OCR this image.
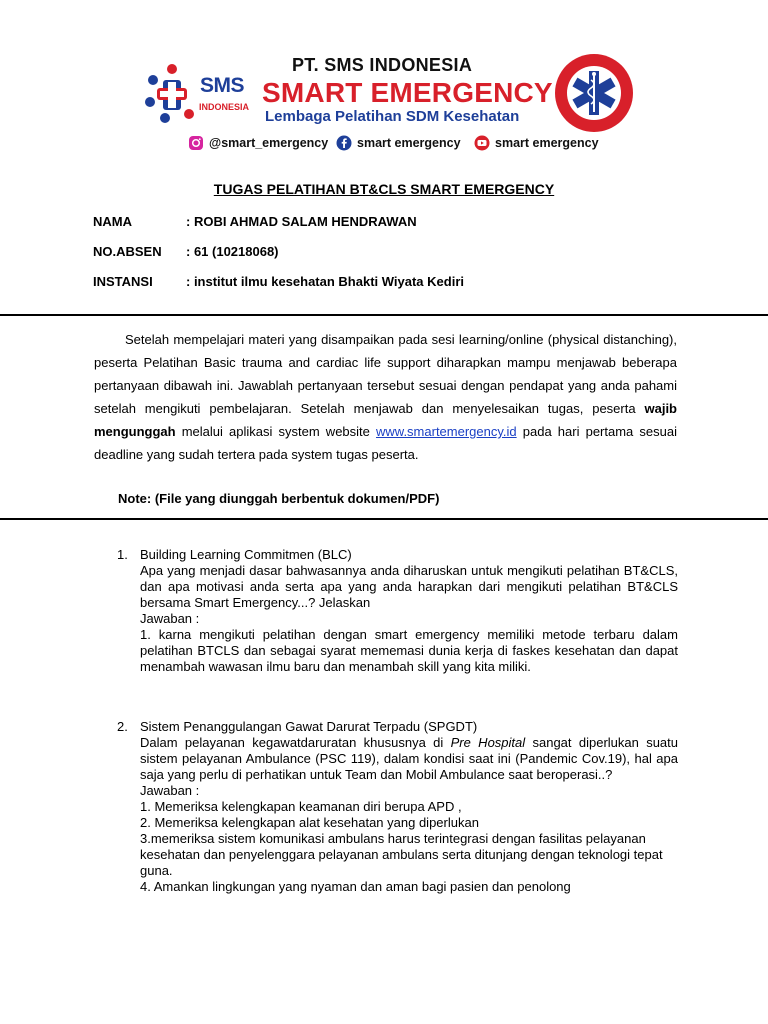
SMS
INDONESIA
PT. SMS INDONESIA
SMART EMERGENCY
Lembaga Pelatihan SDM Kesehatan
@smart_emergency smart emergency	smart emergency
TUGAS PELATIHAN BT&CLS SMART EMERGENCY
NAMA	: ROBI AHMAD SALAM HENDRAWAN
NO.ABSEN : 61 (10218068)
INSTANSI	: institut ilmu kesehatan Bhakti Wiyata Kediri

Setelah mempelajari materi yang disampaikan pada sesi learning/online (physical distanching), peserta Pelatihan Basic trauma and cardiac life support diharapkan mampu menjawab beberapa pertanyaan dibawah ini. Jawablah pertanyaan tersebut sesuai dengan pendapat yang anda pahami setelah mengikuti pembelajaran. Setelah menjawab dan menyelesaikan tugas, peserta wajib mengunggah melalui aplikasi system website www.smartemergency.id pada hari pertama sesuai deadline yang sudah tertera pada system tugas peserta.

Note: (File yang diunggah berbentuk dokumen/PDF)
1. Building Learning Commitmen (BLC)
Apa yang menjadi dasar bahwasannya anda diharuskan untuk mengikuti pelatihan BT&CLS, dan apa motivasi anda serta apa yang anda harapkan dari mengikuti pelatihan BT&CLS bersama Smart Emergency...? Jelaskan
Jawaban :
1. karna mengikuti pelatihan dengan smart emergency memiliki metode terbaru dalam pelatihan BTCLS dan sebagai syarat mememasi dunia kerja di faskes kesehatan dan dapat menambah wawasan ilmu baru dan menambah skill yang kita miliki.
2. Sistem Penanggulangan Gawat Darurat Terpadu (SPGDT)
Dalam pelayanan kegawatdaruratan khususnya di Pre Hospital sangat diperlukan suatu sistem pelayanan Ambulance (PSC 119), dalam kondisi saat ini (Pandemic Cov.19), hal apa saja yang perlu di perhatikan untuk Team dan Mobil Ambulance saat beroperasi..?
Jawaban :
1. Memeriksa kelengkapan keamanan diri berupa APD ,
2. Memeriksa kelengkapan alat kesehatan yang diperlukan
3.memeriksa sistem komunikasi ambulans harus terintegrasi dengan fasilitas pelayanan kesehatan dan penyelenggara pelayanan ambulans serta ditunjang dengan teknologi tepat guna.
4. Amankan lingkungan yang nyaman dan aman bagi pasien dan penolong
